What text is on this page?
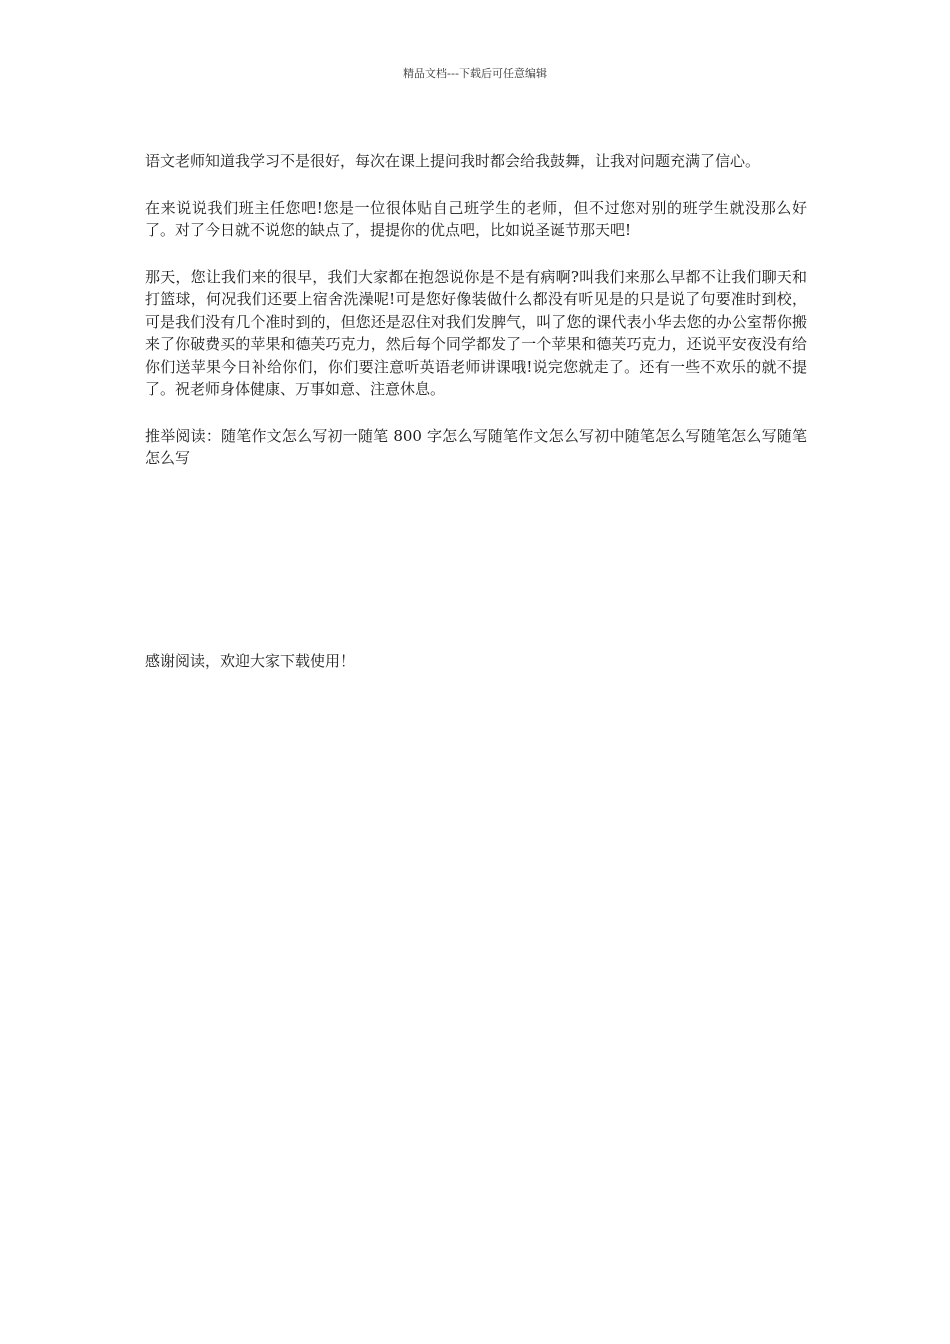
精品文档---下载后可任意编辑

语文老师知道我学习不是很好，每次在课上提问我时都会给我鼓舞，让我对问题充满了信心。

在来说说我们班主任您吧!您是一位很体贴自己班学生的老师，但不过您对别的班学生就没那么好了。对了今日就不说您的缺点了，提提你的优点吧，比如说圣诞节那天吧!

那天，您让我们来的很早，我们大家都在抱怨说你是不是有病啊?叫我们来那么早都不让我们聊天和打篮球，何况我们还要上宿舍洗澡呢!可是您好像装做什么都没有听见是的只是说了句要准时到校，可是我们没有几个准时到的，但您还是忍住对我们发脾气，叫了您的课代表小华去您的办公室帮你搬来了你破费买的苹果和德芙巧克力，然后每个同学都发了一个苹果和德芙巧克力，还说平安夜没有给你们送苹果今日补给你们，你们要注意听英语老师讲课哦!说完您就走了。还有一些不欢乐的就不提了。祝老师身体健康、万事如意、注意休息。

推举阅读：随笔作文怎么写初一随笔 800 字怎么写随笔作文怎么写初中随笔怎么写随笔怎么写随笔怎么写

感谢阅读，欢迎大家下载使用！
